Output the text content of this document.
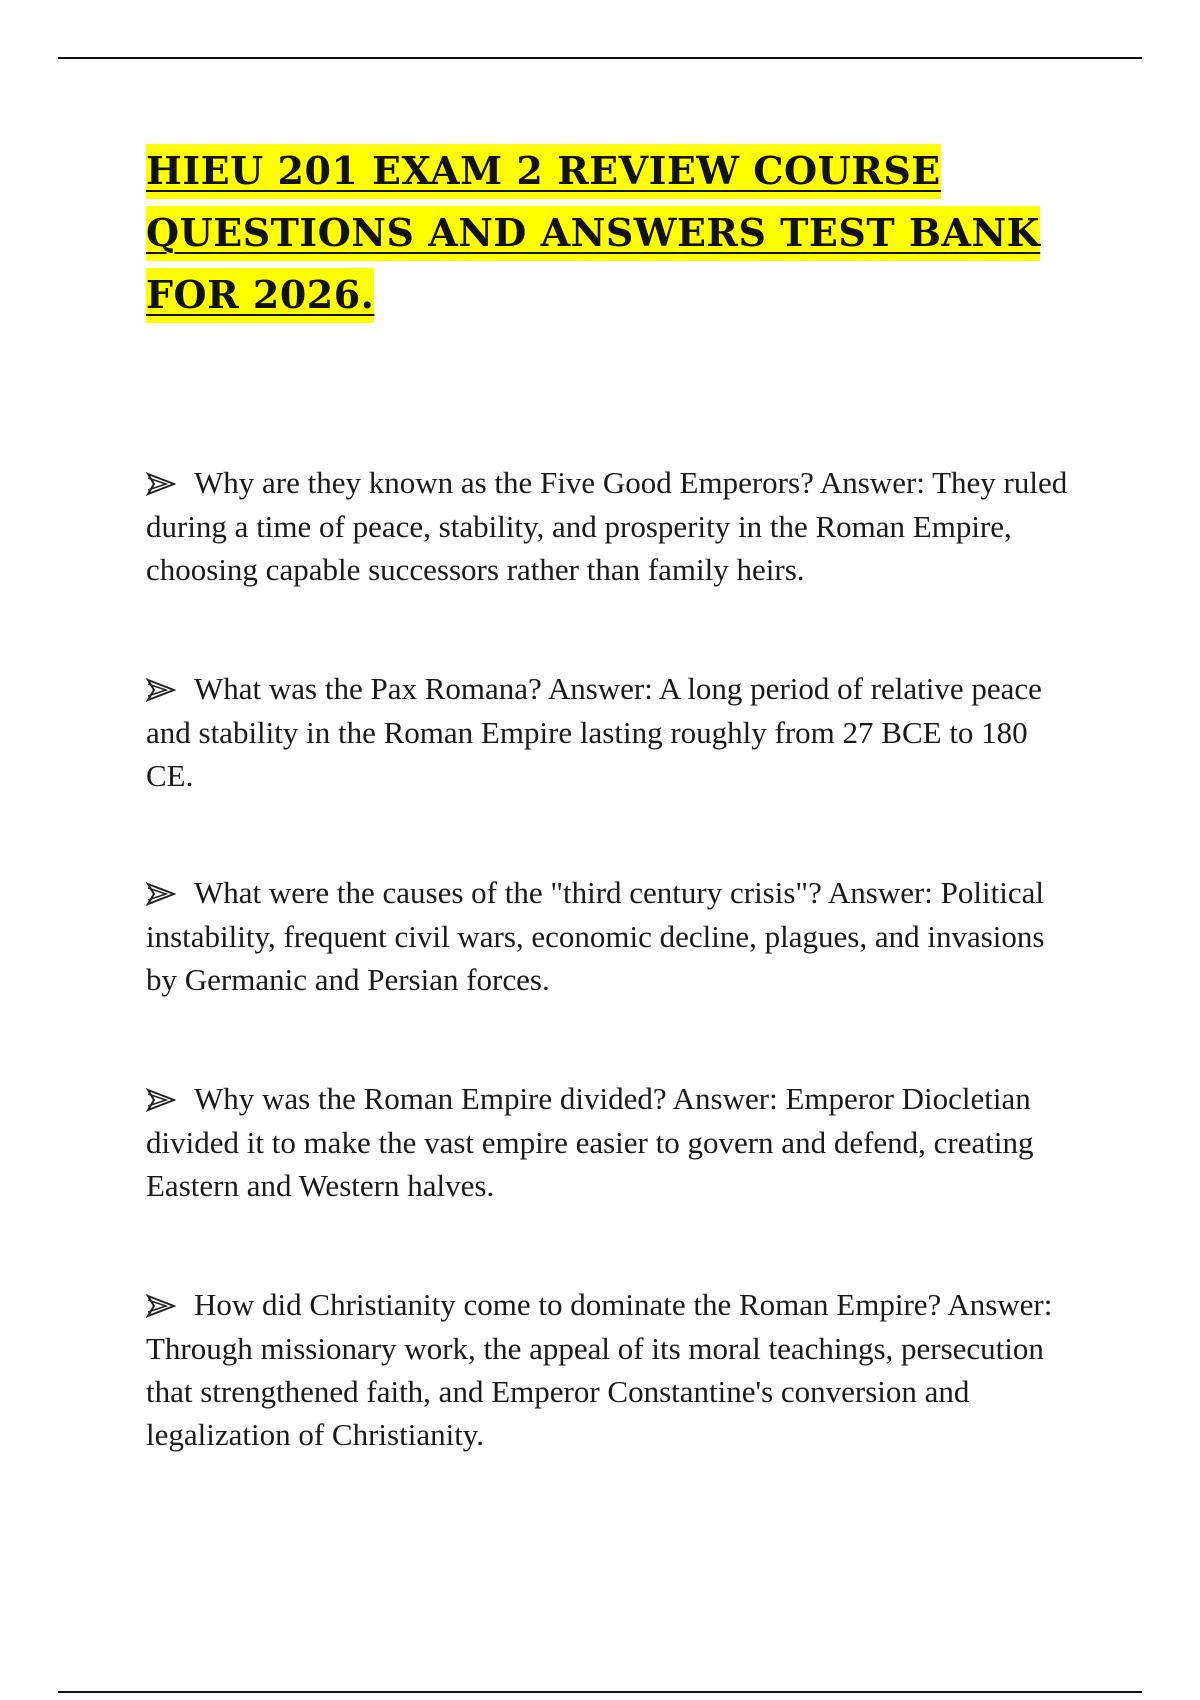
HIEU 201 EXAM 2 REVIEW COURSE QUESTIONS AND ANSWERS TEST BANK FOR 2026.

Why are they known as the Five Good Emperors? Answer: They ruled during a time of peace, stability, and prosperity in the Roman Empire, choosing capable successors rather than family heirs.

What was the Pax Romana? Answer: A long period of relative peace and stability in the Roman Empire lasting roughly from 27 BCE to 180 CE.

What were the causes of the "third century crisis"? Answer: Political instability, frequent civil wars, economic decline, plagues, and invasions by Germanic and Persian forces.

Why was the Roman Empire divided? Answer: Emperor Diocletian divided it to make the vast empire easier to govern and defend, creating Eastern and Western halves.

How did Christianity come to dominate the Roman Empire? Answer: Through missionary work, the appeal of its moral teachings, persecution that strengthened faith, and Emperor Constantine's conversion and legalization of Christianity.
